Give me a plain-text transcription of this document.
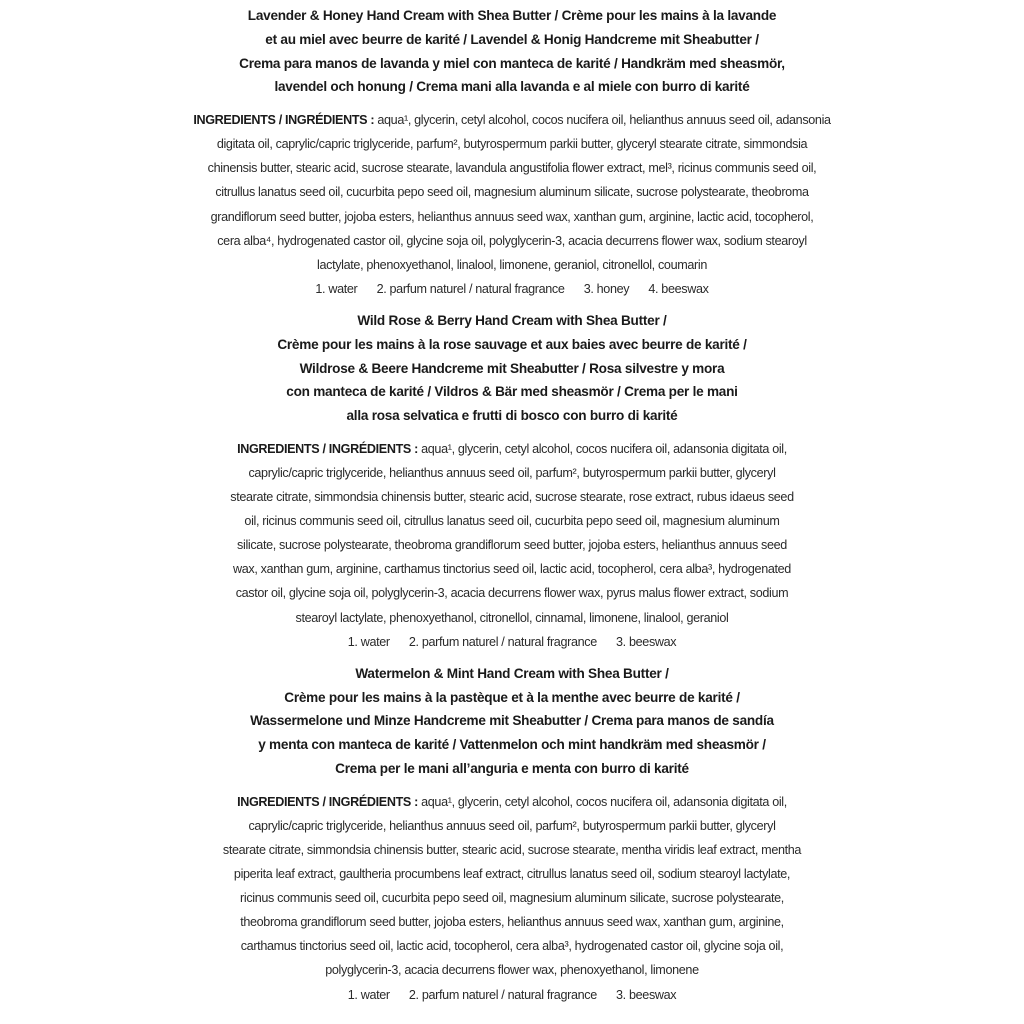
Lavender & Honey Hand Cream with Shea Butter / Crème pour les mains à la lavande
et au miel avec beurre de karité / Lavendel & Honig Handcreme mit Sheabutter /
Crema para manos de lavanda y miel con manteca de karité / Handkräm med sheasmör,
lavendel och honung / Crema mani alla lavanda e al miele con burro di karité

INGREDIENTS / INGRÉDIENTS : aqua¹, glycerin, cetyl alcohol, cocos nucifera oil, helianthus annuus seed oil, adansonia
digitata oil, caprylic/capric triglyceride, parfum², butyrospermum parkii butter, glyceryl stearate citrate, simmondsia
chinensis butter, stearic acid, sucrose stearate, lavandula angustifolia flower extract, mel³, ricinus communis seed oil,
citrullus lanatus seed oil, cucurbita pepo seed oil, magnesium aluminum silicate, sucrose polystearate, theobroma
grandiflorum seed butter, jojoba esters, helianthus annuus seed wax, xanthan gum, arginine, lactic acid, tocopherol,
cera alba⁴, hydrogenated castor oil, glycine soja oil, polyglycerin-3, acacia decurrens flower wax, sodium stearoyl
lactylate, phenoxyethanol, linalool, limonene, geraniol, citronellol, coumarin

1. water 2. parfum naturel / natural fragrance 3. honey 4. beeswax
Wild Rose & Berry Hand Cream with Shea Butter /
Crème pour les mains à la rose sauvage et aux baies avec beurre de karité /
Wildrose & Beere Handcreme mit Sheabutter / Rosa silvestre y mora
con manteca de karité / Vildros & Bär med sheasmör / Crema per le mani
alla rosa selvatica e frutti di bosco con burro di karité

INGREDIENTS / INGRÉDIENTS : aqua¹, glycerin, cetyl alcohol, cocos nucifera oil, adansonia digitata oil,
caprylic/capric triglyceride, helianthus annuus seed oil, parfum², butyrospermum parkii butter, glyceryl
stearate citrate, simmondsia chinensis butter, stearic acid, sucrose stearate, rose extract, rubus idaeus seed
oil, ricinus communis seed oil, citrullus lanatus seed oil, cucurbita pepo seed oil, magnesium aluminum
silicate, sucrose polystearate, theobroma grandiflorum seed butter, jojoba esters, helianthus annuus seed
wax, xanthan gum, arginine, carthamus tinctorius seed oil, lactic acid, tocopherol, cera alba³, hydrogenated
castor oil, glycine soja oil, polyglycerin-3, acacia decurrens flower wax, pyrus malus flower extract, sodium
stearoyl lactylate, phenoxyethanol, citronellol, cinnamal, limonene, linalool, geraniol

1. water 2. parfum naturel / natural fragrance 3. beeswax
Watermelon & Mint Hand Cream with Shea Butter /
Crème pour les mains à la pastèque et à la menthe avec beurre de karité /
Wassermelone und Minze Handcreme mit Sheabutter / Crema para manos de sandía
y menta con manteca de karité / Vattenmelon och mint handkräm med sheasmör /
Crema per le mani all’anguria e menta con burro di karité

INGREDIENTS / INGRÉDIENTS : aqua¹, glycerin, cetyl alcohol, cocos nucifera oil, adansonia digitata oil,
caprylic/capric triglyceride, helianthus annuus seed oil, parfum², butyrospermum parkii butter, glyceryl
stearate citrate, simmondsia chinensis butter, stearic acid, sucrose stearate, mentha viridis leaf extract, mentha
piperita leaf extract, gaultheria procumbens leaf extract, citrullus lanatus seed oil, sodium stearoyl lactylate,
ricinus communis seed oil, cucurbita pepo seed oil, magnesium aluminum silicate, sucrose polystearate,
theobroma grandiflorum seed butter, jojoba esters, helianthus annuus seed wax, xanthan gum, arginine,
carthamus tinctorius seed oil, lactic acid, tocopherol, cera alba³, hydrogenated castor oil, glycine soja oil,
polyglycerin-3, acacia decurrens flower wax, phenoxyethanol, limonene

1. water 2. parfum naturel / natural fragrance 3. beeswax
